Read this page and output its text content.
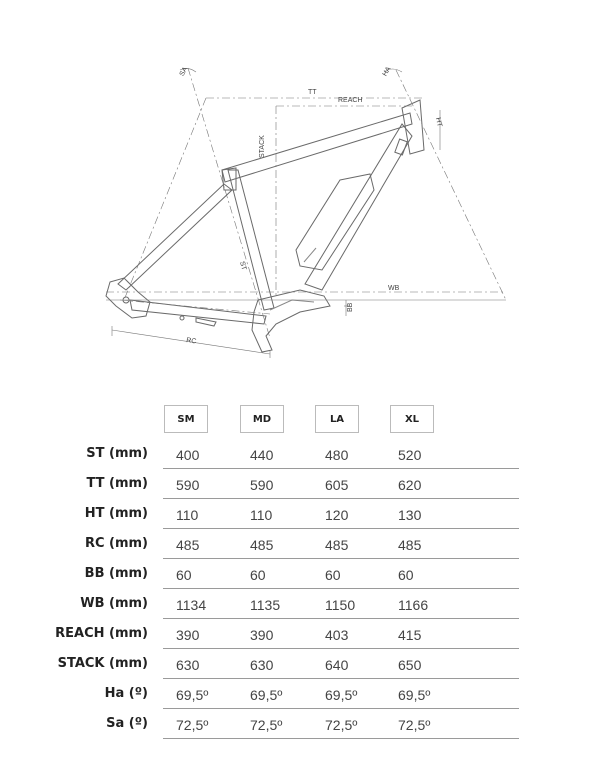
SA	HA
TT
REACH
STACK
HT
ST
WB
RC
BB
SM	MD	LA	XL
ST (mm) 400	440	480	520
TT (mm) 590	590	605	620
HT (mm) 110	110	120	130
RC (mm) 485	485	485	485
BB (mm) 60	60	60	60
WB (mm) 1134	1135	1150	1166
REACH (mm) 390	390	403	415
STACK (mm) 630	630	640	650
Ha (º) 69,5º	69,5º	69,5º	69,5º
Sa (º) 72,5º	72,5º	72,5º	72,5º
